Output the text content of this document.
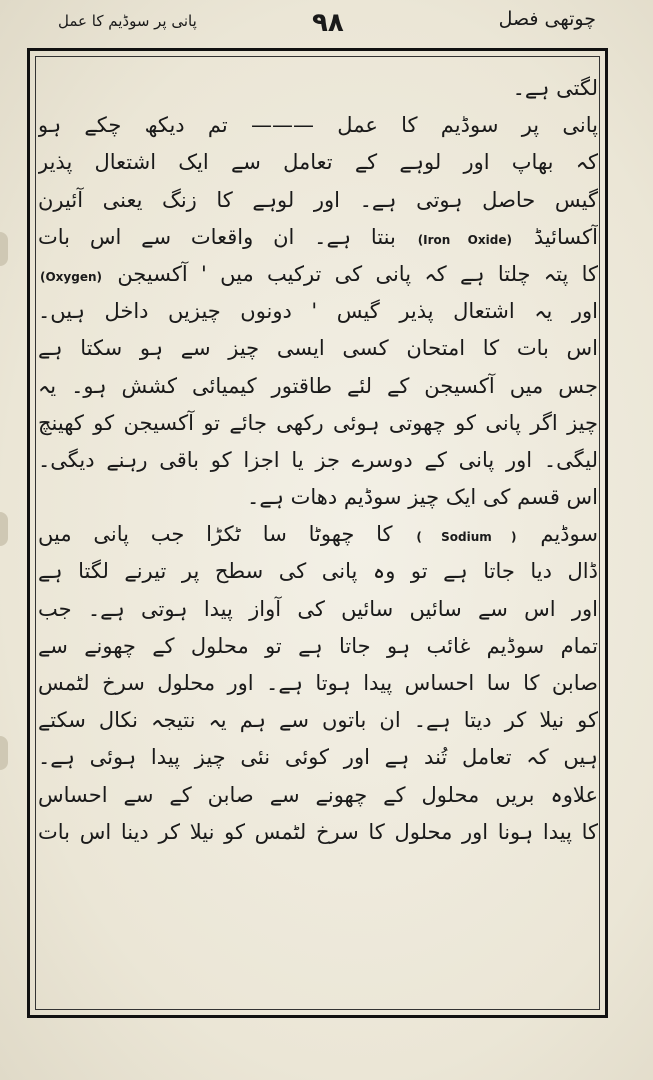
پانی پر سوڈیم کا عمل	۹۸	چوتھی فصل
لگتی ہے۔
پانی پر سوڈیم کا عمل ——— تم دیکھ چکے ہو
کہ بھاپ اور لوہے کے تعامل سے ایک اشتعال پذیر
گیس حاصل ہوتی ہے۔ اور لوہے کا زنگ یعنی آئیرن
آکسائیڈ (Iron Oxide) بنتا ہے۔ ان واقعات سے اس بات
کا پتہ چلتا ہے کہ پانی کی ترکیب میں ' آکسیجن (Oxygen)
اور یہ اشتعال پذیر گیس ' دونوں چیزیں داخل ہیں۔
اس بات کا امتحان کسی ایسی چیز سے ہو سکتا ہے
جس میں آکسیجن کے لئے طاقتور کیمیائی کشش ہو۔ یہ
چیز اگر پانی کو چھوتی ہوئی رکھی جائے تو آکسیجن کو کھینچ
لیگی۔ اور پانی کے دوسرے جز یا اجزا کو باقی رہنے دیگی۔
اس قسم کی ایک چیز سوڈیم دھات ہے۔
سوڈیم ( Sodium ) کا چھوٹا سا ٹکڑا جب پانی میں
ڈال دیا جاتا ہے تو وہ پانی کی سطح پر تیرنے لگتا ہے
اور اس سے سائیں سائیں کی آواز پیدا ہوتی ہے۔ جب
تمام سوڈیم غائب ہو جاتا ہے تو محلول کے چھونے سے
صابن کا سا احساس پیدا ہوتا ہے۔ اور محلول سرخ لٹمس
کو نیلا کر دیتا ہے۔ ان باتوں سے ہم یہ نتیجہ نکال سکتے
ہیں کہ تعامل تُند ہے اور کوئی نئی چیز پیدا ہوئی ہے۔
علاوہ بریں محلول کے چھونے سے صابن کے سے احساس
کا پیدا ہونا اور محلول کا سرخ لٹمس کو نیلا کر دینا اس بات
